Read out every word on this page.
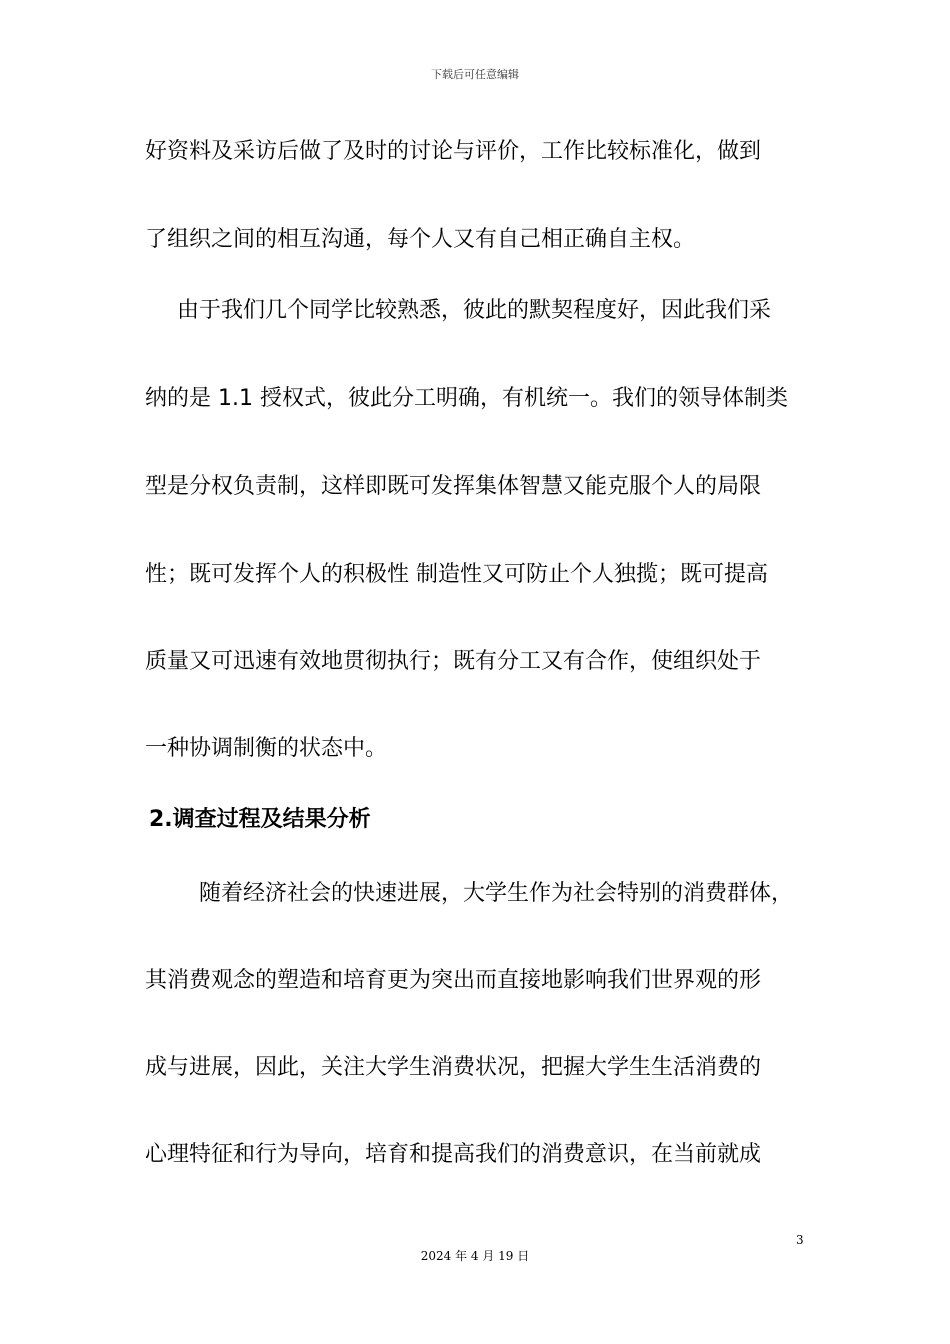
下载后可任意编辑
好资料及采访后做了及时的讨论与评价，工作比较标准化，做到
了组织之间的相互沟通，每个人又有自己相正确自主权。
由于我们几个同学比较熟悉，彼此的默契程度好，因此我们采
纳的是 1.1 授权式，彼此分工明确，有机统一。我们的领导体制类
型是分权负责制，这样即既可发挥集体智慧又能克服个人的局限
性；既可发挥个人的积极性 制造性又可防止个人独揽；既可提高
质量又可迅速有效地贯彻执行；既有分工又有合作，使组织处于
一种协调制衡的状态中。
2.调查过程及结果分析
随着经济社会的快速进展，大学生作为社会特别的消费群体，
其消费观念的塑造和培育更为突出而直接地影响我们世界观的形
成与进展，因此，关注大学生消费状况，把握大学生生活消费的
心理特征和行为导向，培育和提高我们的消费意识，在当前就成
3
2024 年 4 月 19 日
